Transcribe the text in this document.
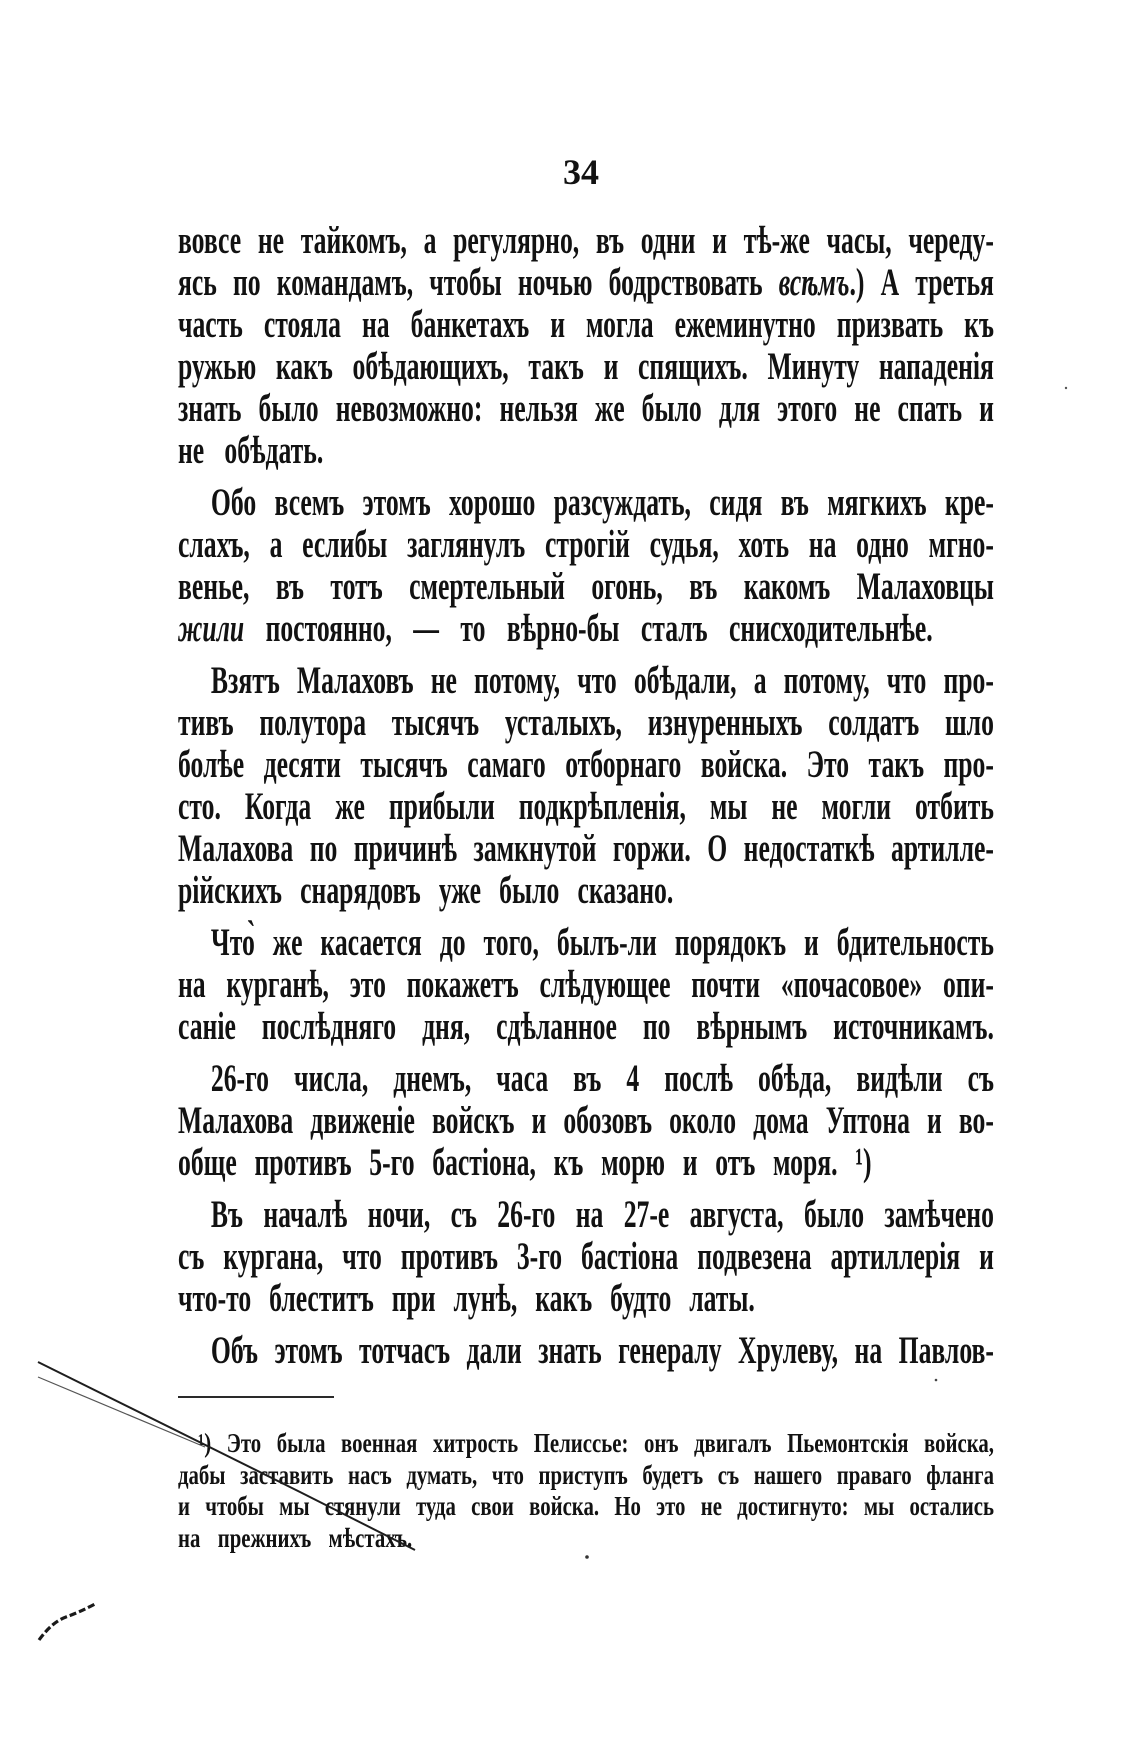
34
вовсе не тайкомъ, а регулярно, въ одни и тѣ-же часы, череду-
ясь по командамъ, чтобы ночью бодрствовать всѣмъ.) А третья
часть стояла на банкетахъ и могла ежеминутно призвать къ
ружью какъ обѣдающихъ, такъ и спящихъ. Минуту нападенія
знать было невозможно: нельзя же было для этого не спать и
не обѣдать.
Обо всемъ этомъ хорошо разсуждать, сидя въ мягкихъ кре-
слахъ, а еслибы заглянулъ строгій судья, хоть на одно мгно-
венье, въ тотъ смертельный огонь, въ какомъ Малаховцы
жили постоянно, — то вѣрно-бы сталъ снисходительнѣе.
Взятъ Малаховъ не потому, что обѣдали, а потому, что про-
тивъ полутора тысячъ усталыхъ, изнуренныхъ солдатъ шло
болѣе десяти тысячъ самаго отборнаго войска. Это такъ про-
сто. Когда же прибыли подкрѣпленія, мы не могли отбить
Малахова по причинѣ замкнутой горжи. О недостаткѣ артилле-
рійскихъ снарядовъ уже было сказано.
Что̀ же касается до того, былъ-ли порядокъ и бдительность
на курганѣ, это покажетъ слѣдующее почти «почасовое» опи-
саніе послѣдняго дня, сдѣланное по вѣрнымъ источникамъ.
26-го числа, днемъ, часа въ 4 послѣ обѣда, видѣли съ
Малахова движеніе войскъ и обозовъ около дома Уптона и во-
обще противъ 5-го бастіона, къ морю и отъ моря. ¹)
Въ началѣ ночи, съ 26-го на 27-е августа, было замѣчено
съ кургана, что противъ 3-го бастіона подвезена артиллерія и
что-то блеститъ при лунѣ, какъ будто латы.
Объ этомъ тотчасъ дали знать генералу Хрулеву, на Павлов-
¹) Это была военная хитрость Пелиссье: онъ двигалъ Пьемонтскія войска,
дабы заставить насъ думать, что приступъ будетъ съ нашего праваго фланга
и чтобы мы стянули туда свои войска. Но это не достигнуто: мы остались
на прежнихъ мѣстахъ.
